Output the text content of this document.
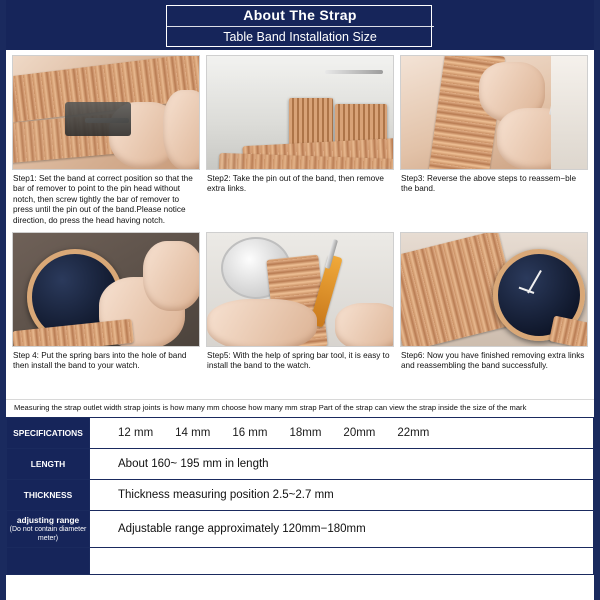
About The Strap
Table Band Installation Size
Step1: Set the band at correct position so that the bar of remover to point to the pin head without notch, then screw tightly the bar of remover to press until the pin out of the band.Please notice direction, do press the head having notch.
Step2: Take the pin out of the band, then remove extra links.
Step3: Reverse the above steps to reassem−ble the band.
Step 4: Put the spring bars into the hole of band then install the band to your watch.
Step5: With the help of spring bar tool, it is easy to install the band to the watch.
Step6: Now you have finished removing extra links and reassembling the band successfully.
Measuring the strap outlet width strap joints is how many mm choose how many mm strap Part of the strap can view the strap inside the size of the mark
SPECIFICATIONS	12 mm 14 mm 16 mm 18mm 20mm 22mm
LENGTH	About 160~ 195 mm in length
THICKNESS	Thickness measuring position 2.5~2.7 mm
adjusting range
(Do not contain diameter meter)	Adjustable range approximately 120mm−180mm
